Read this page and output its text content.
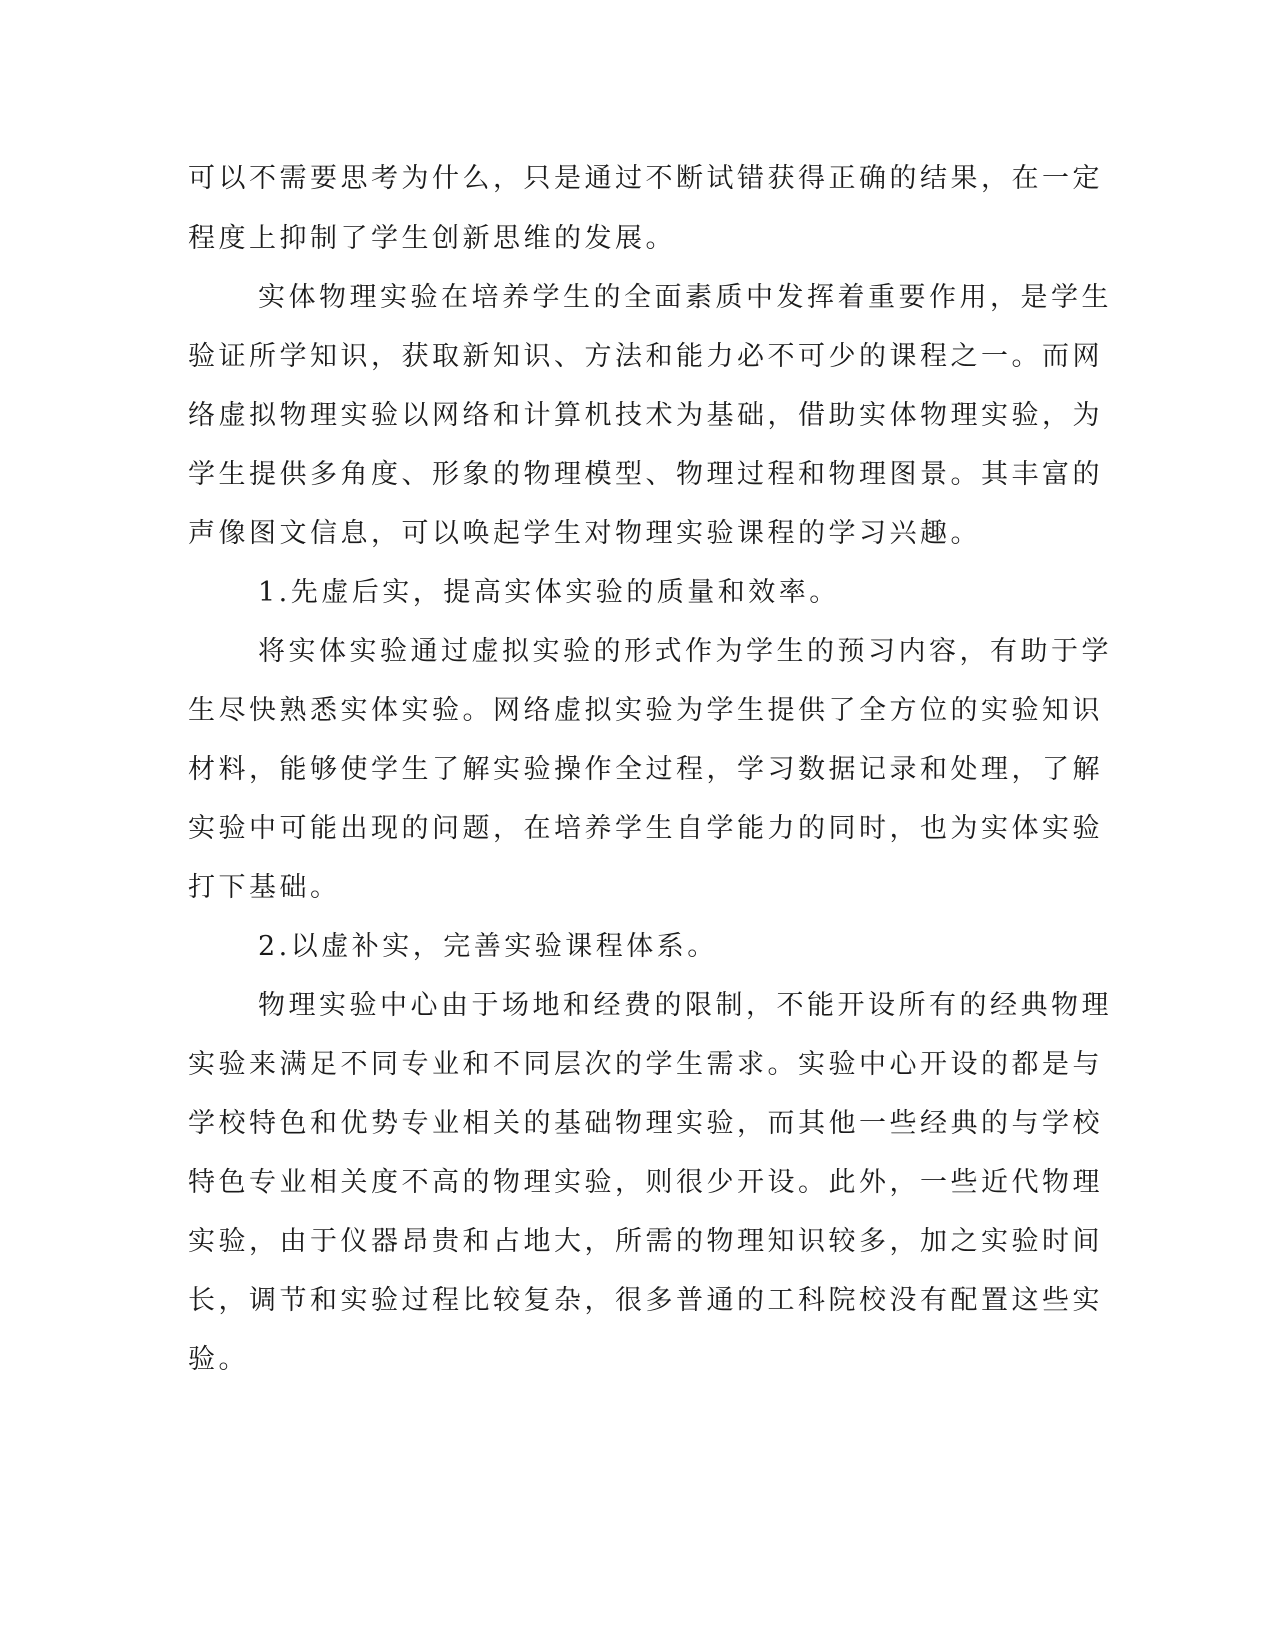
可以不需要思考为什么，只是通过不断试错获得正确的结果，在一定

程度上抑制了学生创新思维的发展。

实体物理实验在培养学生的全面素质中发挥着重要作用，是学生

验证所学知识，获取新知识、方法和能力必不可少的课程之一。而网

络虚拟物理实验以网络和计算机技术为基础，借助实体物理实验，为

学生提供多角度、形象的物理模型、物理过程和物理图景。其丰富的

声像图文信息，可以唤起学生对物理实验课程的学习兴趣。

1.先虚后实，提高实体实验的质量和效率。

将实体实验通过虚拟实验的形式作为学生的预习内容，有助于学

生尽快熟悉实体实验。网络虚拟实验为学生提供了全方位的实验知识

材料，能够使学生了解实验操作全过程，学习数据记录和处理，了解

实验中可能出现的问题，在培养学生自学能力的同时，也为实体实验

打下基础。

2.以虚补实，完善实验课程体系。

物理实验中心由于场地和经费的限制，不能开设所有的经典物理

实验来满足不同专业和不同层次的学生需求。实验中心开设的都是与

学校特色和优势专业相关的基础物理实验，而其他一些经典的与学校

特色专业相关度不高的物理实验，则很少开设。此外，一些近代物理

实验，由于仪器昂贵和占地大，所需的物理知识较多，加之实验时间

长，调节和实验过程比较复杂，很多普通的工科院校没有配置这些实

验。
